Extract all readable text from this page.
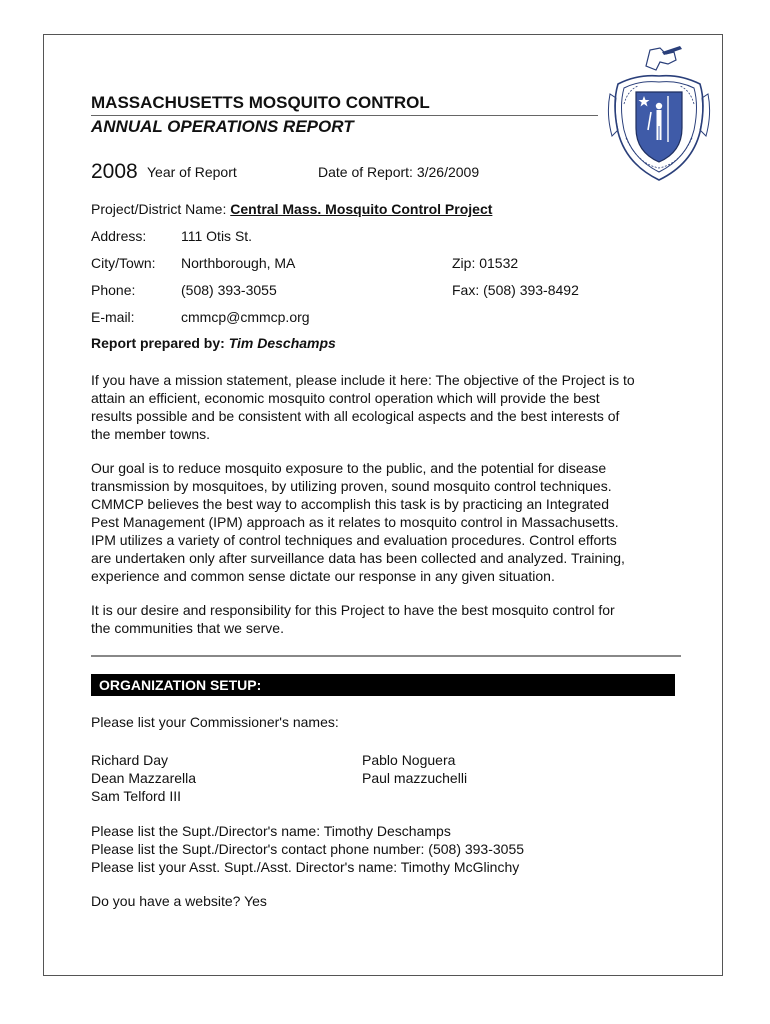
MASSACHUSETTS MOSQUITO CONTROL
ANNUAL OPERATIONS REPORT
2008 Year of Report	Date of Report: 3/26/2009
Project/District Name: Central Mass. Mosquito Control Project
Address: 111 Otis St.
City/Town: Northborough, MA	Zip: 01532
Phone:	(508) 393-3055	Fax: (508) 393-8492
E-mail:	cmmcp@cmmcp.org
Report prepared by: Tim Deschamps
If you have a mission statement, please include it here: The objective of the Project is to
attain an efficient, economic mosquito control operation which will provide the best
results possible and be consistent with all ecological aspects and the best interests of
the member towns.
Our goal is to reduce mosquito exposure to the public, and the potential for disease
transmission by mosquitoes, by utilizing proven, sound mosquito control techniques.
CMMCP believes the best way to accomplish this task is by practicing an Integrated
Pest Management (IPM) approach as it relates to mosquito control in Massachusetts.
IPM utilizes a variety of control techniques and evaluation procedures. Control efforts
are undertaken only after surveillance data has been collected and analyzed. Training,
experience and common sense dictate our response in any given situation.
It is our desire and responsibility for this Project to have the best mosquito control for
the communities that we serve.
ORGANIZATION SETUP:
Please list your Commissioner's names:
Richard Day
Dean Mazzarella
Sam Telford III
Pablo Noguera
Paul mazzuchelli
Please list the Supt./Director's name: Timothy Deschamps
Please list the Supt./Director's contact phone number: (508) 393-3055
Please list your Asst. Supt./Asst. Director's name: Timothy McGlinchy
Do you have a website? Yes
